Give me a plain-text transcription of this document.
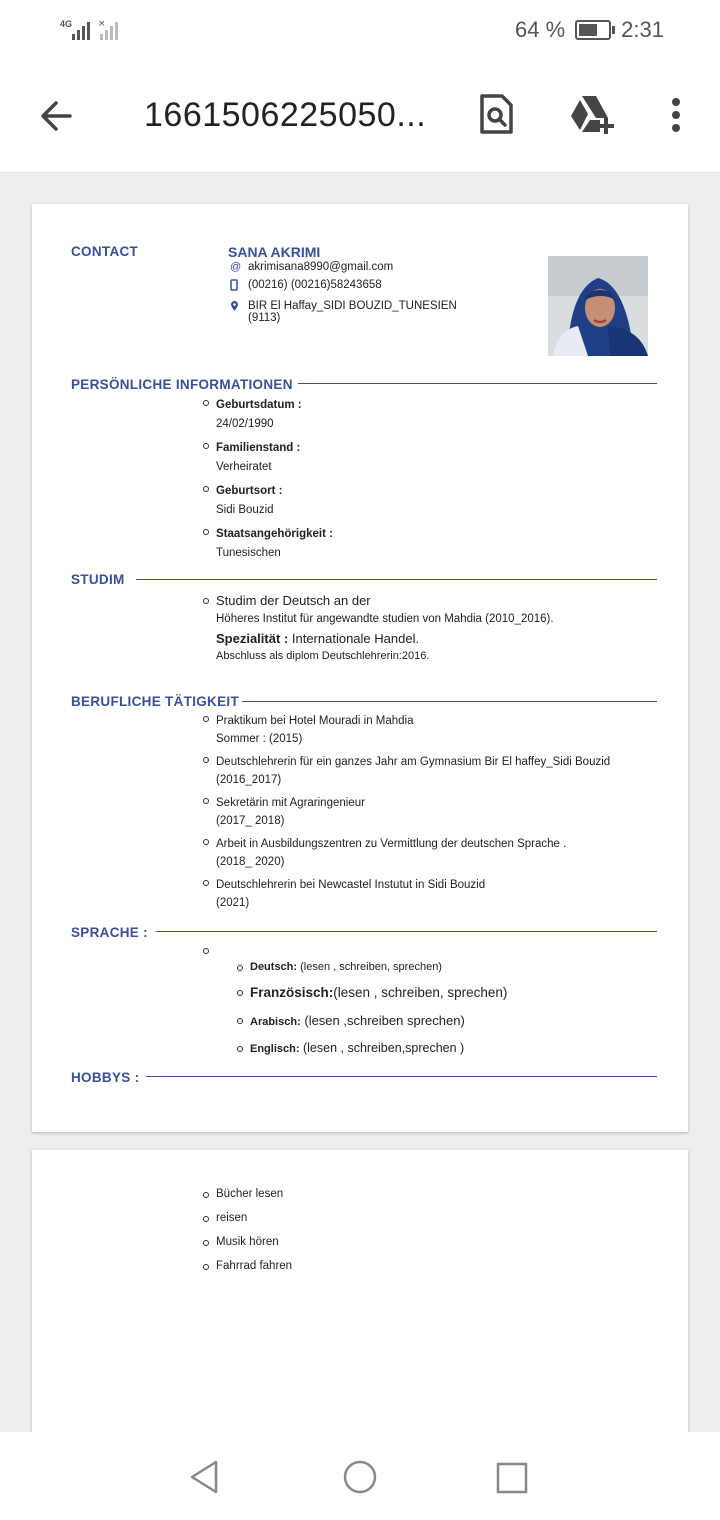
4G	×	64 %	2:31
1661506225050...
CONTACT	SANA AKRIMI
@ akrimisana8990@gmail.com
(00216) (00216)58243658
BIR El Haffay_SIDI BOUZID_TUNESIEN
(9113)
PERSÖNLICHE INFORMATIONEN
Geburtsdatum :
24/02/1990
Familienstand :
Verheiratet
Geburtsort :
Sidi Bouzid
Staatsangehörigkeit :
Tunesischen
STUDIM
Studim der Deutsch an der
Höheres Institut für angewandte studien von Mahdia (2010_2016).
Spezialität : Internationale Handel.
Abschluss als diplom Deutschlehrerin:2016.
BERUFLICHE TÄTIGKEIT
Praktikum bei Hotel Mouradi in Mahdia
Sommer : (2015)
Deutschlehrerin für ein ganzes Jahr am Gymnasium Bir El haffey_Sidi Bouzid
(2016_2017)
Sekretärin mit Agraringenieur
(2017_ 2018)
Arbeit in Ausbildungszentren zu Vermittlung der deutschen Sprache .
(2018_ 2020)
Deutschlehrerin bei Newcastel Instutut in Sidi Bouzid
(2021)
SPRACHE :
Deutsch: (lesen , schreiben, sprechen)
Französisch:(lesen , schreiben, sprechen)
Arabisch: (lesen ,schreiben sprechen)
Englisch: (lesen , schreiben,sprechen )
HOBBYS :
Bücher lesen
reisen
Musik hören
Fahrrad fahren
